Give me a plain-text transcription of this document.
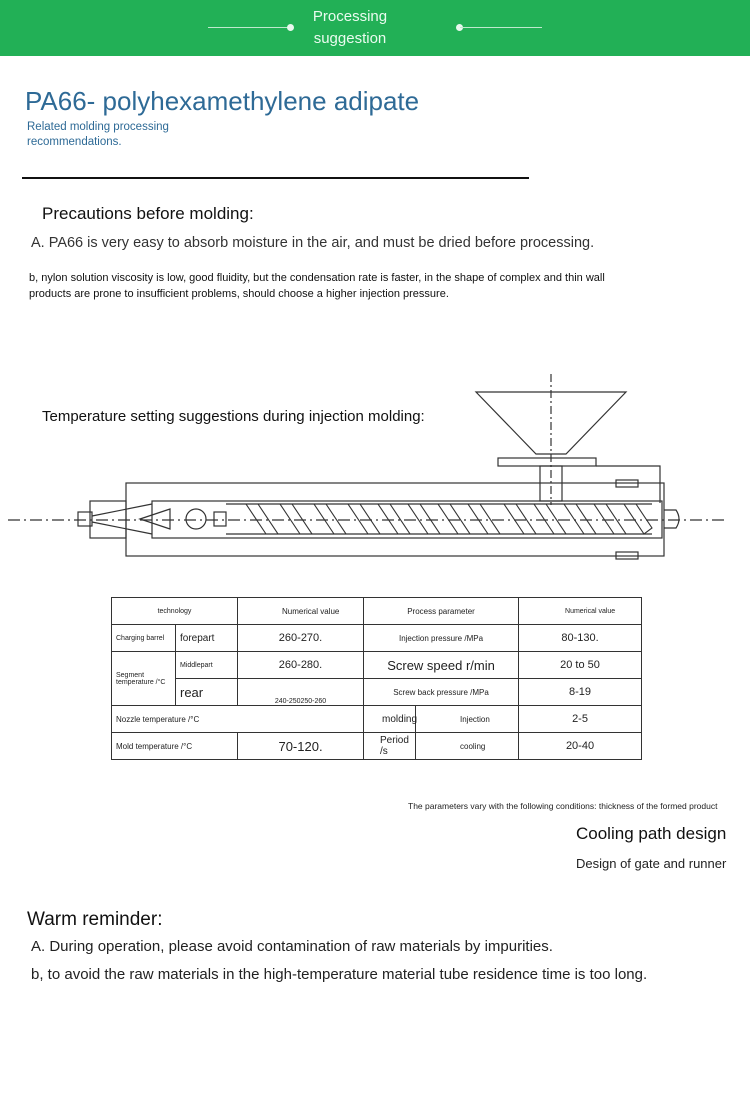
Processing
suggestion
PA66- polyhexamethylene adipate
Related molding processing recommendations.
Precautions before molding:
A. PA66 is very easy to absorb moisture in the air, and must be dried before processing.
b, nylon solution viscosity is low, good fluidity, but the condensation rate is faster, in the shape of complex and thin wall products are prone to insufficient problems, should choose a higher injection pressure.
Temperature setting suggestions during injection molding:
technology		Numerical value	Process parameter		Numerical value
Charging barrel	forepart	260-270.	Injection pressure /MPa		80-130.
Segment temperature /°C	Middlepart	260-280.	Screw speed r/min		20 to 50
	rear	240-250250-260	Screw back pressure /MPa		8-19
Nozzle temperature /°C			molding	Injection	2-5
Mold temperature /°C		70-120.	Period /s	cooling	20-40
The parameters vary with the following conditions: thickness of the formed product
Cooling path design
Design of gate and runner
Warm reminder:
A. During operation, please avoid contamination of raw materials by impurities.
b, to avoid the raw materials in the high-temperature material tube residence time is too long.
